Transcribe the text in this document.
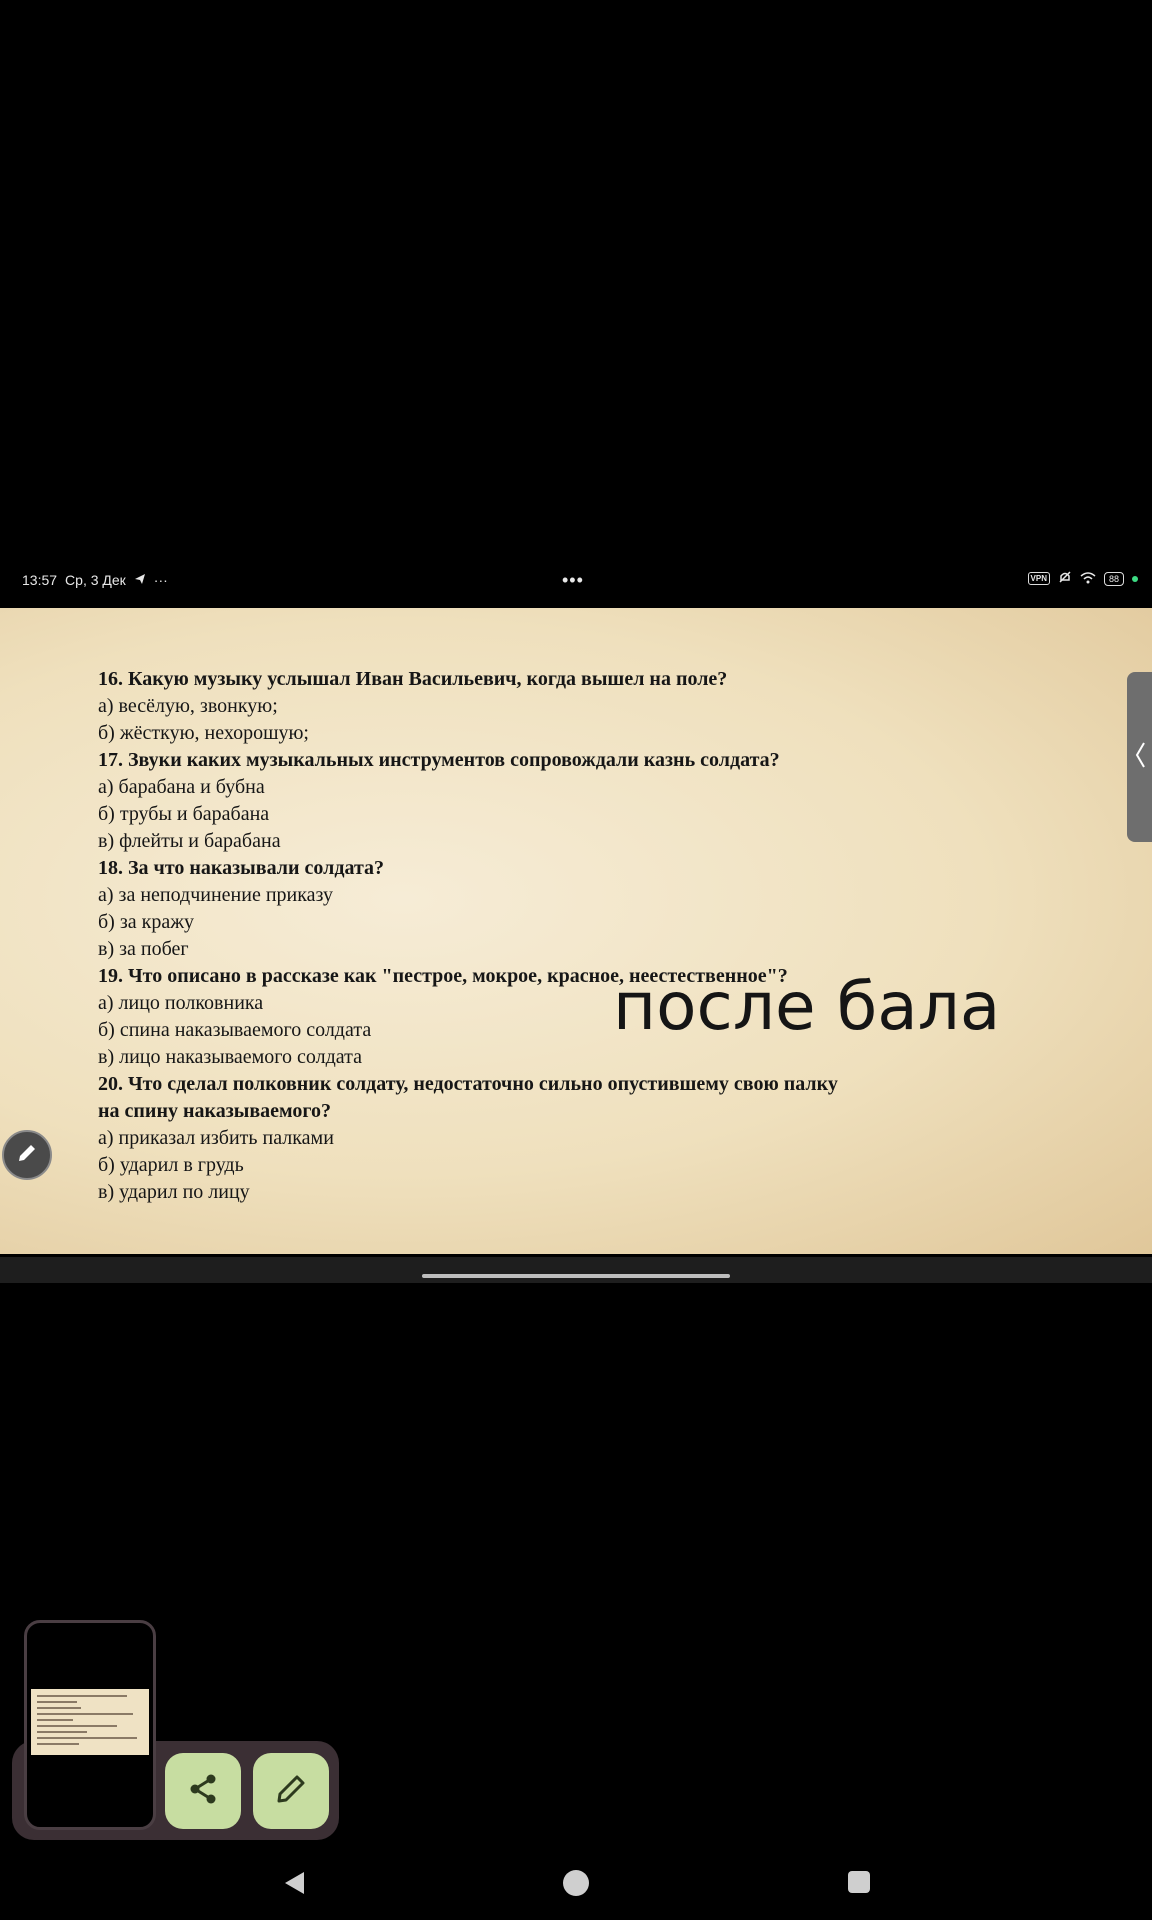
13:57 Ср, 3 Дек ···	•••	VPN	88
16. Какую музыку услышал Иван Васильевич, когда вышел на поле?
а) весёлую, звонкую;
б) жёсткую, нехорошую;
17. Звуки каких музыкальных инструментов сопровождали казнь солдата?
а) барабана и бубна
б) трубы и барабана
в) флейты и барабана
18. За что наказывали солдата?
а) за неподчинение приказу
б) за кражу
в) за побег
19. Что описано в рассказе как "пестрое, мокрое, красное, неестественное"?
а) лицо полковника
б) спина наказываемого солдата
в) лицо наказываемого солдата
20. Что сделал полковник солдату, недостаточно сильно опустившему свою палку
на спину наказываемого?
а) приказал избить палками
б) ударил в грудь
в) ударил по лицу
после бала
